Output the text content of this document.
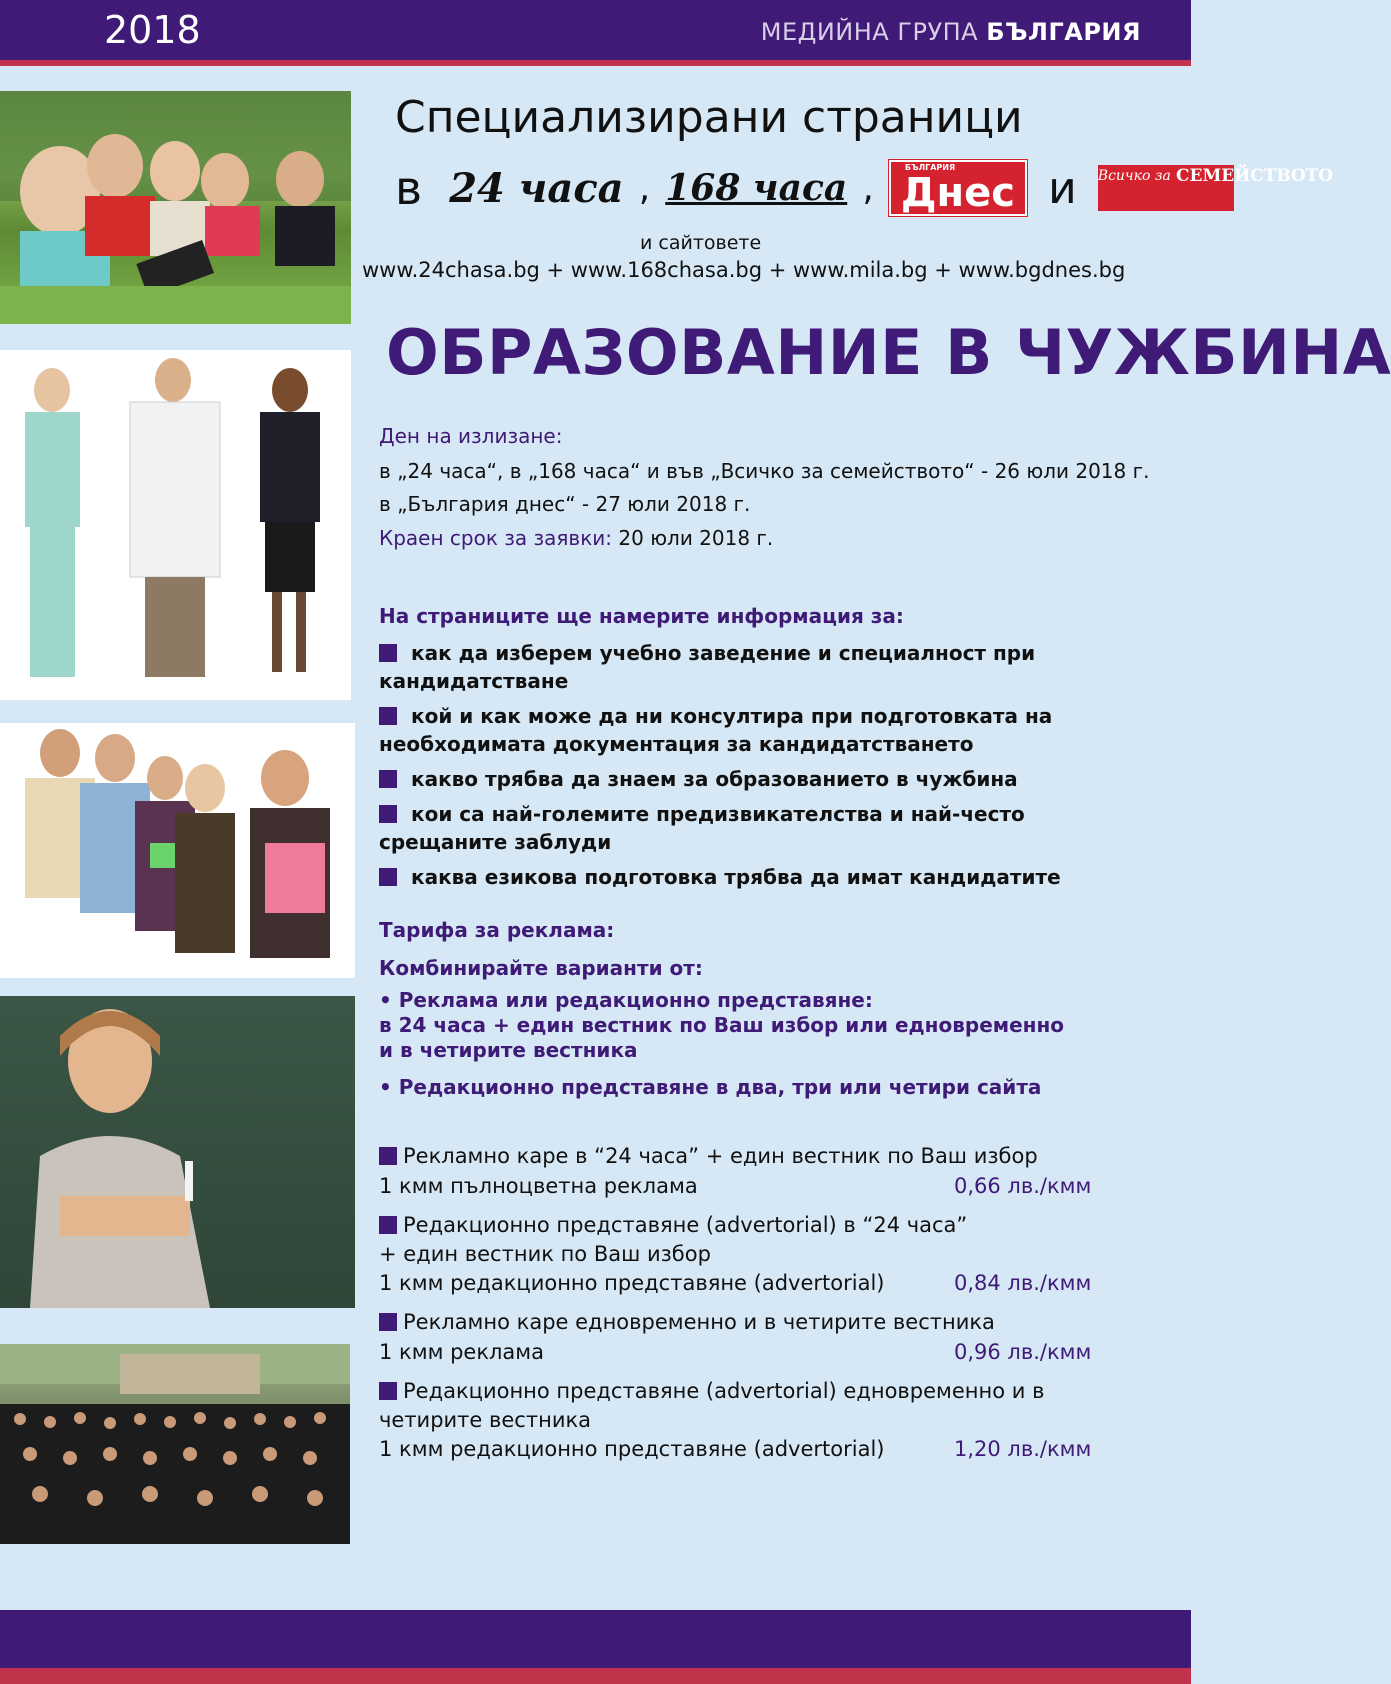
2018	МЕДИЙНА ГРУПА БЪЛГАРИЯ
Специализирани страници
в 24 часа , 168 часа ,	БЪЛГАРИЯ
Днес и Всичко за СЕМЕЙСТВОТО
и сайтовете
www.24chasa.bg + www.168chasa.bg + www.mila.bg + www.bgdnes.bg
ОБРАЗОВАНИЕ В ЧУЖБИНА
Ден на излизане:
в „24 часа“, в „168 часа“ и във „Всичко за семейството“ - 26 юли 2018 г.
в „България днес“ - 27 юли 2018 г.
Краен срок за заявки: 20 юли 2018 г.
На страниците ще намерите информация за:
как да изберем учебно заведение и специалност при
кандидатстване
кой и как може да ни консултира при подготовката на
необходимата документация за кандидатстването
какво трябва да знаем за образованието в чужбина
кои са най-големите предизвикателства и най-често
срещаните заблуди
каква езикова подготовка трябва да имат кандидатите
Тарифа за реклама:
Комбинирайте варианти от:
• Реклама или редакционно представяне:
в 24 часа + един вестник по Ваш избор или едновременно
и в четирите вестника
• Редакционно представяне в два, три или четири сайта
Рекламно каре в “24 часа” + един вестник по Ваш избор
1 кмм пълноцветна реклама	0,66 лв./кмм
Редакционно представяне (advertorial) в “24 часа”
+ един вестник по Ваш избор
1 кмм редакционно представяне (advertorial)	0,84 лв./кмм
Рекламно каре едновременно и в четирите вестника
1 кмм реклама	0,96 лв./кмм
Редакционно представяне (advertorial) едновременно и в
четирите вестника
1 кмм редакционно представяне (advertorial)	1,20 лв./кмм
